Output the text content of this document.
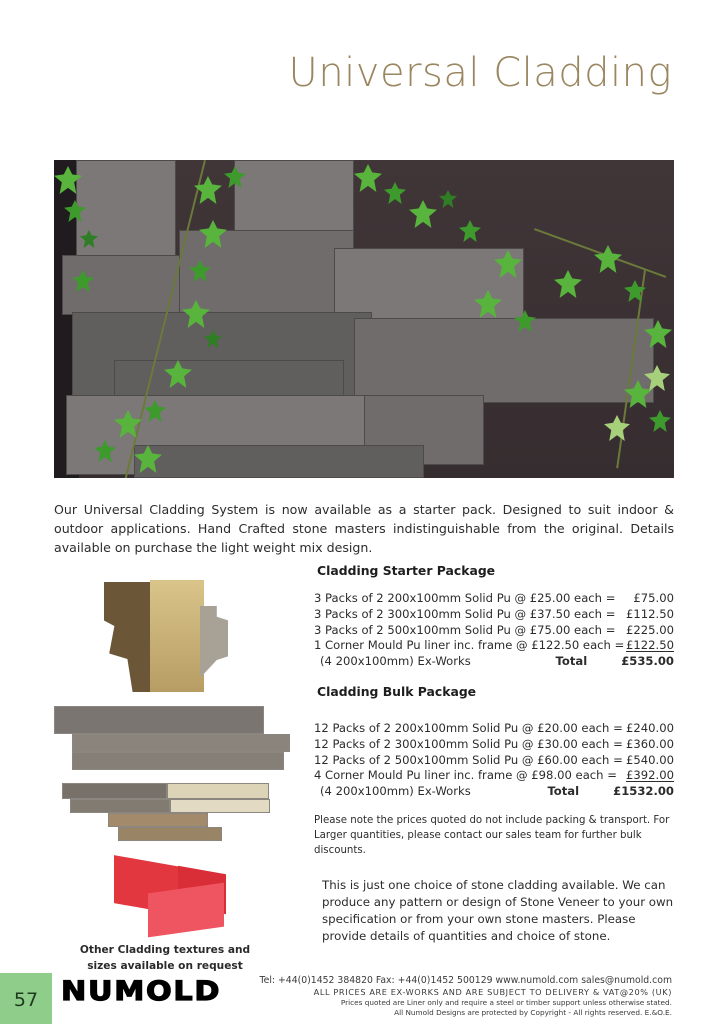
Universal Cladding

Our Universal Cladding System is now available as a starter pack. Designed to suit indoor & outdoor applications. Hand Crafted stone masters indistinguishable from the original. Details available on purchase the light weight mix design.

Other Cladding textures and
sizes available on request
Cladding Starter Package
3 Packs of 2 200x100mm Solid Pu @ £25.00 each = £75.00
3 Packs of 2 300x100mm Solid Pu @ £37.50 each = £112.50
3 Packs of 2 500x100mm Solid Pu @ £75.00 each = £225.00
1 Corner Mould Pu liner inc. frame @ £122.50 each = £122.50
(4 200x100mm) Ex-Works	Total	£535.00
Cladding Bulk Package
12 Packs of 2 200x100mm Solid Pu @ £20.00 each = £240.00
12 Packs of 2 300x100mm Solid Pu @ £30.00 each = £360.00
12 Packs of 2 500x100mm Solid Pu @ £60.00 each = £540.00
4 Corner Mould Pu liner inc. frame @ £98.00 each = £392.00
(4 200x100mm) Ex-Works	Total	£1532.00

Please note the prices quoted do not include packing & transport. For Larger quantities, please contact our sales team for further bulk discounts.

This is just one choice of stone cladding available. We can produce any pattern or design of Stone Veneer to your own specification or from your own stone masters. Please provide details of quantities and choice of stone.

57 NUMOLD	Tel: +44(0)1452 384820 Fax: +44(0)1452 500129 www.numold.com sales@numold.com
ALL PRICES ARE EX-WORKS AND ARE SUBJECT TO DELIVERY & VAT@20% (UK)
Prices quoted are Liner only and require a steel or timber support unless otherwise stated.
All Numold Designs are protected by Copyright - All rights reserved. E.&O.E.
